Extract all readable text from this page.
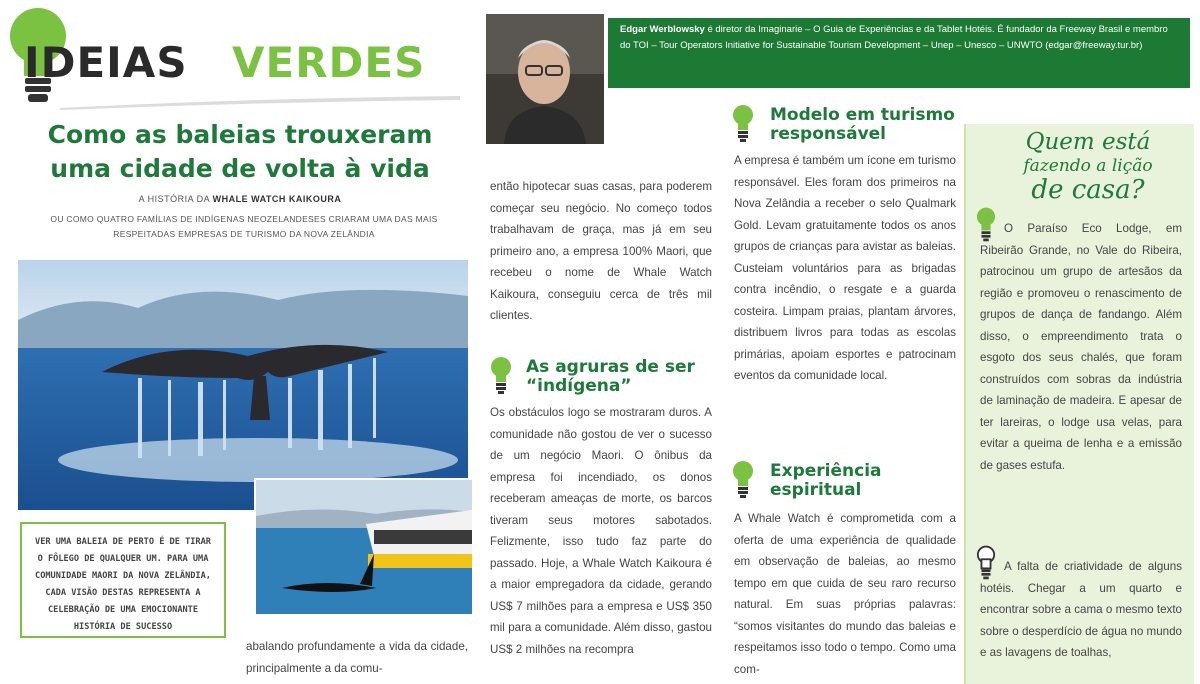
IDEIAS VERDES
Edgar Werblowsky é diretor da Imaginarie – O Guia de Experiências e da Tablet Hotéis. É fundador da Freeway Brasil e membro do TOI – Tour Operators Initiative for Sustainable Tourism Development – Unep – Unesco – UNWTO (edgar@freeway.tur.br)
Como as baleias trouxeram uma cidade de volta à vida
A HISTÓRIA DA WHALE WATCH KAIKOURA
OU COMO QUATRO FAMÍLIAS DE INDÍGENAS NEOZELANDESES CRIARAM UMA DAS MAIS RESPEITADAS EMPRESAS DE TURISMO DA NOVA ZELÂNDIA
VER UMA BALEIA DE PERTO É DE TIRAR O FÔLEGO DE QUALQUER UM. PARA UMA COMUNIDADE MAORI DA NOVA ZELÂNDIA, CADA VISÃO DESTAS REPRESENTA A CELEBRAÇÃO DE UMA EMOCIONANTE HISTÓRIA DE SUCESSO
abalando profundamente a vida da cidade, principalmente a da comu-
então hipotecar suas casas, para poderem começar seu negócio. No começo todos trabalhavam de graça, mas já em seu primeiro ano, a empresa 100% Maori, que recebeu o nome de Whale Watch Kaikoura, conseguiu cerca de três mil clientes.
As agruras de ser “indígena”
Os obstáculos logo se mostraram duros. A comunidade não gostou de ver o sucesso de um negócio Maori. O ônibus da empresa foi incendiado, os donos receberam ameaças de morte, os barcos tiveram seus motores sabotados. Felizmente, isso tudo faz parte do passado. Hoje, a Whale Watch Kaikoura é a maior empregadora da cidade, gerando US$ 7 milhões para a empresa e US$ 350 mil para a comunidade. Além disso, gastou US$ 2 milhões na recompra
Modelo em turismo responsável
A empresa é também um ícone em turismo responsável. Eles foram dos primeiros na Nova Zelândia a receber o selo Qualmark Gold. Levam gratuitamente todos os anos grupos de crianças para avistar as baleias. Custeiam voluntários para as brigadas contra incêndio, o resgate e a guarda costeira. Limpam praias, plantam árvores, distribuem livros para todas as escolas primárias, apoiam esportes e patrocinam eventos da comunidade local.
Experiência espiritual
A Whale Watch é comprometida com a oferta de uma experiência de qualidade em observação de baleias, ao mesmo tempo em que cuida de seu raro recurso natural. Em suas próprias palavras: “somos visitantes do mundo das baleias e respeitamos isso todo o tempo. Como uma com-
Quem está
fazendo a lição
de casa?
O Paraíso Eco Lodge, em Ribeirão Grande, no Vale do Ribeira, patrocinou um grupo de artesãos da região e promoveu o renascimento de grupos de dança de fandango. Além disso, o empreendimento trata o esgoto dos seus chalés, que foram construídos com sobras da indústria de laminação de madeira. E apesar de ter lareiras, o lodge usa velas, para evitar a queima de lenha e a emissão de gases estufa.
A falta de criatividade de alguns hotéis. Chegar a um quarto e encontrar sobre a cama o mesmo texto sobre o desperdício de água no mundo e as lavagens de toalhas,
